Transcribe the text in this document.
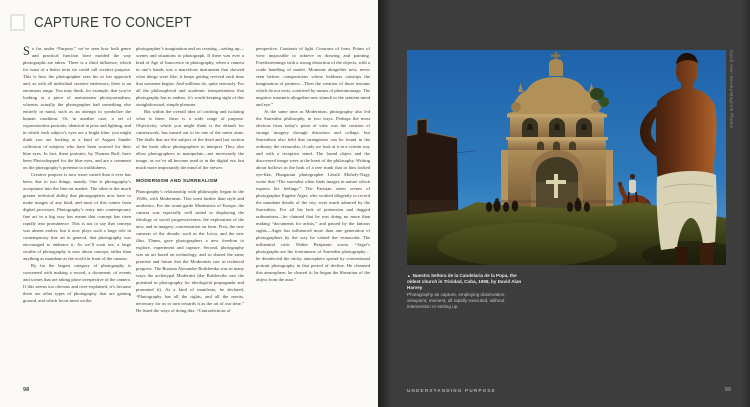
CAPTURE TO CONCEPT

So far, under “Purpose,” we’ve seen how both genre and practical function have molded the way photographs are taken. There is a third influence, which for want of a better term we could call creative purpose. This is how the photographer sees his or her approach and, as with all individual creative endeavors, there is an enormous range. You may think, for example, that you’re looking at a piece of mainstream photojournalism, whereas actually the photographer had something else entirely in mind, such as an attempt to symbolize the human condition. Or, in another case, a set of expressionless portraits, identical in pose and lighting, and in which each subject’s eyes are a bright blue: you might think you are looking at a kind of August Sander collection of subjects who have been sourced for their blue eyes. In fact, these portraits, by Thomas Ruff, have been Photoshopped for the blue eyes, and are a comment on the photography’s pretense to truthfulness.

Creative purpose is now more varied than it ever has been, due to two things, mainly. One is photography’s acceptance into the fine-art market. The other is the much greater technical ability that photographers now have to make images of any kind, and most of this comes from digital processes. Photography’s entry into contemporary fine art in a big way has meant that concept has risen rapidly into prominence. This is not to say that concept was absent earlier, but it now plays such a large role in contemporary fine art in general, that photography was encouraged to embrace it. As we’ll soon see, a large swathe of photography is now about concept, rather than anything as mundane as the world in front of the camera.

By far the largest category of photography is concerned with making a record, a document, of events and scenes that are taking place irrespective of the camera. If this seems too obvious and over-explained, it’s because there are other types of photography that are gaining ground, and which focus more on the

photographer’s imagination and on creating—setting up—scenes and situations to photograph. If there was ever a kind of Age of Innocence in photography, when a camera in one’s hands was a marvelous instrument that showed what things were like, it keeps getting revived each time that someone begins. And millions do, quite seriously. For all the philosophical and academic interpretations that photography has to endure, it’s worth keeping sight of this straightforward, simple pleasure.

But within the overall idea of catching and isolating what is there, there is a wide range of purpose. Objectivity, which you might think is the default for camerawork, has turned out to be one of the rarest aims. The skills that are the subject of the third and last section of the book allow photographers to interpret. They also allow photographers to manipulate—not necessarily the image, as we’ve all become used to in the digital era, but much more importantly the mind of the viewer.

MODERNISM AND SURREALISM

Photography’s relationship with philosophy began in the 1920s, with Modernism. This went further than style and aesthetics. For the avant-garde Modernists of Europe, the camera was especially well suited to displaying the ideology of social progressiveness, the exploration of the new, and in imagery, concentration on form. First, the new cameras of the decade, such as the Leica, and the new film, 35mm, gave photographers a new freedom to explore, experiment and capture. Second, photography was an art based on technology, and so shared the same promise and future that the Modernists saw in technical progress. The Russian Alexander Rodchenko was in many ways the archetypal Modernist (the Bolsheviks saw the potential in photography for ideological propaganda and promoted it). As a kind of manifesto, he declared, “Photography has all the rights, and all the merits, necessary for us to turn towards it as the art of our time.” He listed the ways of doing this: “Contradictions of

perspective. Contrasts of light. Contrasts of form. Points of view impossible to achieve in drawing and painting. Foreshortenings with a strong distortion of the objects, with a crude handling of matter. Moments altogether new, never seen before…compositions whose boldness outstrips the imagination of painters…Then the creation of those instants which do not exist, contrived by means of photomontage. The negative transmits altogether new stimuli to the sentient mind and eye.”

At the same time as Modernism, photography also fed the Surrealist philosophy, in two ways. Perhaps the most obvious from today’s point of view was the creation of strange imagery through distortion and collage, but Surrealism also held that strangeness can be found in the ordinary, the vernacular, if only we look at it in a certain way and with a receptive mind. The found object and the discovered image were at the heart of the philosophy. Writing about hollows in the bark of a tree trunk that to him looked eye-like, Hungarian photographer László Moholy-Nagy wrote that “The surrealist often finds images in nature which express his feelings.” The Parisian street scenes of photographer Eugène Atget, who worked diligently to record the mundane details of the city, were much admired by the Surrealists. For all his lack of pretension and dogged ordinariness—he claimed that he was doing no more than making “documents for artists,” and passed by the famous sights—Atget has influenced more than one generation of photographers by the way he valued the vernacular. The influential critic Walter Benjamin wrote, “Atget’s photographs are the forerunners of Surrealist photography…he disinfected the sticky atmosphere spread by conventional portrait photography in that period of decline. He cleansed this atmosphere, he cleared it; he began the liberation of the object from the aura.”

98
David Alan Harvey/Magnum Photos

▲ Nuestra Señora de la Candelaria de la Popa, the oldest church in Trinidad, Cuba, 1998, by David Alan Harvey

Photography as capture, employing observation, viewpoint, moment, all rapidly executed, without intervention or setting up.

UNDERSTANDING PURPOSE	99
